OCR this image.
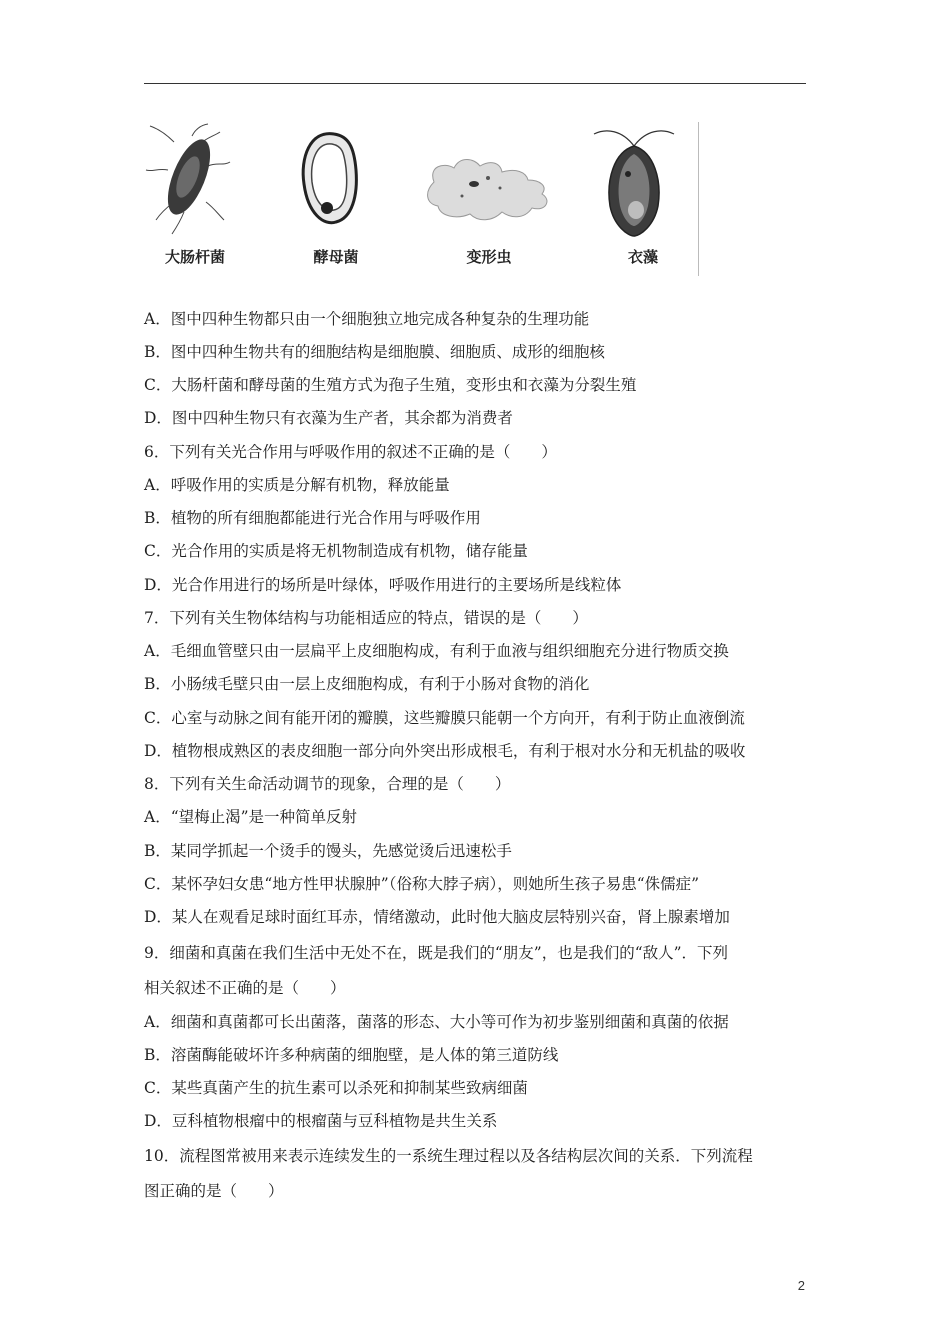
大肠杆菌	酵母菌	变形虫	衣藻
A．图中四种生物都只由一个细胞独立地完成各种复杂的生理功能
B．图中四种生物共有的细胞结构是细胞膜、细胞质、成形的细胞核
C．大肠杆菌和酵母菌的生殖方式为孢子生殖，变形虫和衣藻为分裂生殖
D．图中四种生物只有衣藻为生产者，其余都为消费者
6．下列有关光合作用与呼吸作用的叙述不正确的是（　　）
A．呼吸作用的实质是分解有机物，释放能量
B．植物的所有细胞都能进行光合作用与呼吸作用
C．光合作用的实质是将无机物制造成有机物，储存能量
D．光合作用进行的场所是叶绿体，呼吸作用进行的主要场所是线粒体
7．下列有关生物体结构与功能相适应的特点，错误的是（　　）
A．毛细血管壁只由一层扁平上皮细胞构成，有利于血液与组织细胞充分进行物质交换
B．小肠绒毛壁只由一层上皮细胞构成，有利于小肠对食物的消化
C．心室与动脉之间有能开闭的瓣膜，这些瓣膜只能朝一个方向开，有利于防止血液倒流
D．植物根成熟区的表皮细胞一部分向外突出形成根毛，有利于根对水分和无机盐的吸收
8．下列有关生命活动调节的现象，合理的是（　　）
A．“望梅止渴”是一种简单反射
B．某同学抓起一个烫手的馒头，先感觉烫后迅速松手
C．某怀孕妇女患“地方性甲状腺肿”（俗称大脖子病），则她所生孩子易患“侏儒症”
D．某人在观看足球时面红耳赤，情绪激动，此时他大脑皮层特别兴奋，肾上腺素增加
9．细菌和真菌在我们生活中无处不在，既是我们的“朋友”，也是我们的“敌人”．下列
相关叙述不正确的是（　　）
A．细菌和真菌都可长出菌落，菌落的形态、大小等可作为初步鉴别细菌和真菌的依据
B．溶菌酶能破坏许多种病菌的细胞壁，是人体的第三道防线
C．某些真菌产生的抗生素可以杀死和抑制某些致病细菌
D．豆科植物根瘤中的根瘤菌与豆科植物是共生关系
10．流程图常被用来表示连续发生的一系统生理过程以及各结构层次间的关系．下列流程
图正确的是（　　）
2
